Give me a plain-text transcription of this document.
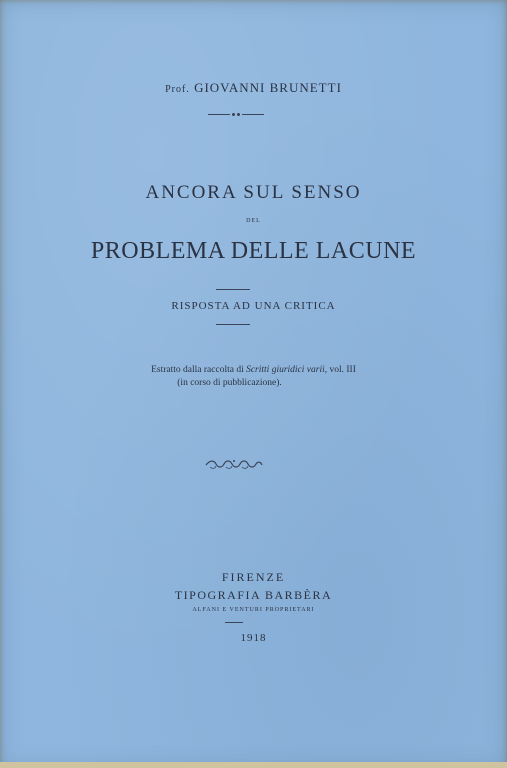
Prof. GIOVANNI BRUNETTI
ANCORA SUL SENSO
DEL
PROBLEMA DELLE LACUNE
RISPOSTA AD UNA CRITICA
Estratto dalla raccolta di Scritti giuridici varii, vol. III
(in corso di pubblicazione).
FIRENZE
TIPOGRAFIA BARBÈRA
ALFANI E VENTURI PROPRIETARI
1918
